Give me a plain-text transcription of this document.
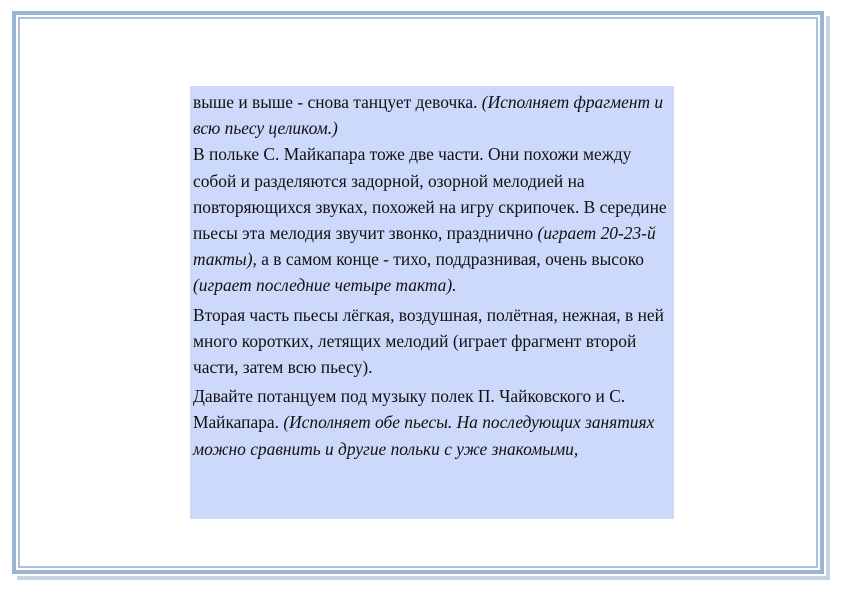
выше и выше - снова танцует девочка. (Исполняет фрагмент и всю пьесу целиком.)

В польке С. Майкапара тоже две части. Они похожи между собой и разделяются задорной, озорной мелодией на повторяющихся звуках, похожей на игру скрипочек. В середине пьесы эта мелодия звучит звонко, празднично (играет 20-23-й такты), а в самом конце - тихо, поддразнивая, очень высоко (играет последние четыре такта).

Вторая часть пьесы лёгкая, воздушная, полётная, нежная, в ней много коротких, летящих мелодий (играет фрагмент второй части, затем всю пьесу).

Давайте потанцуем под музыку полек П. Чайковского и С. Майкапара. (Исполняет обе пьесы. На последующих занятиях можно сравнить и другие польки с уже знакомыми,
